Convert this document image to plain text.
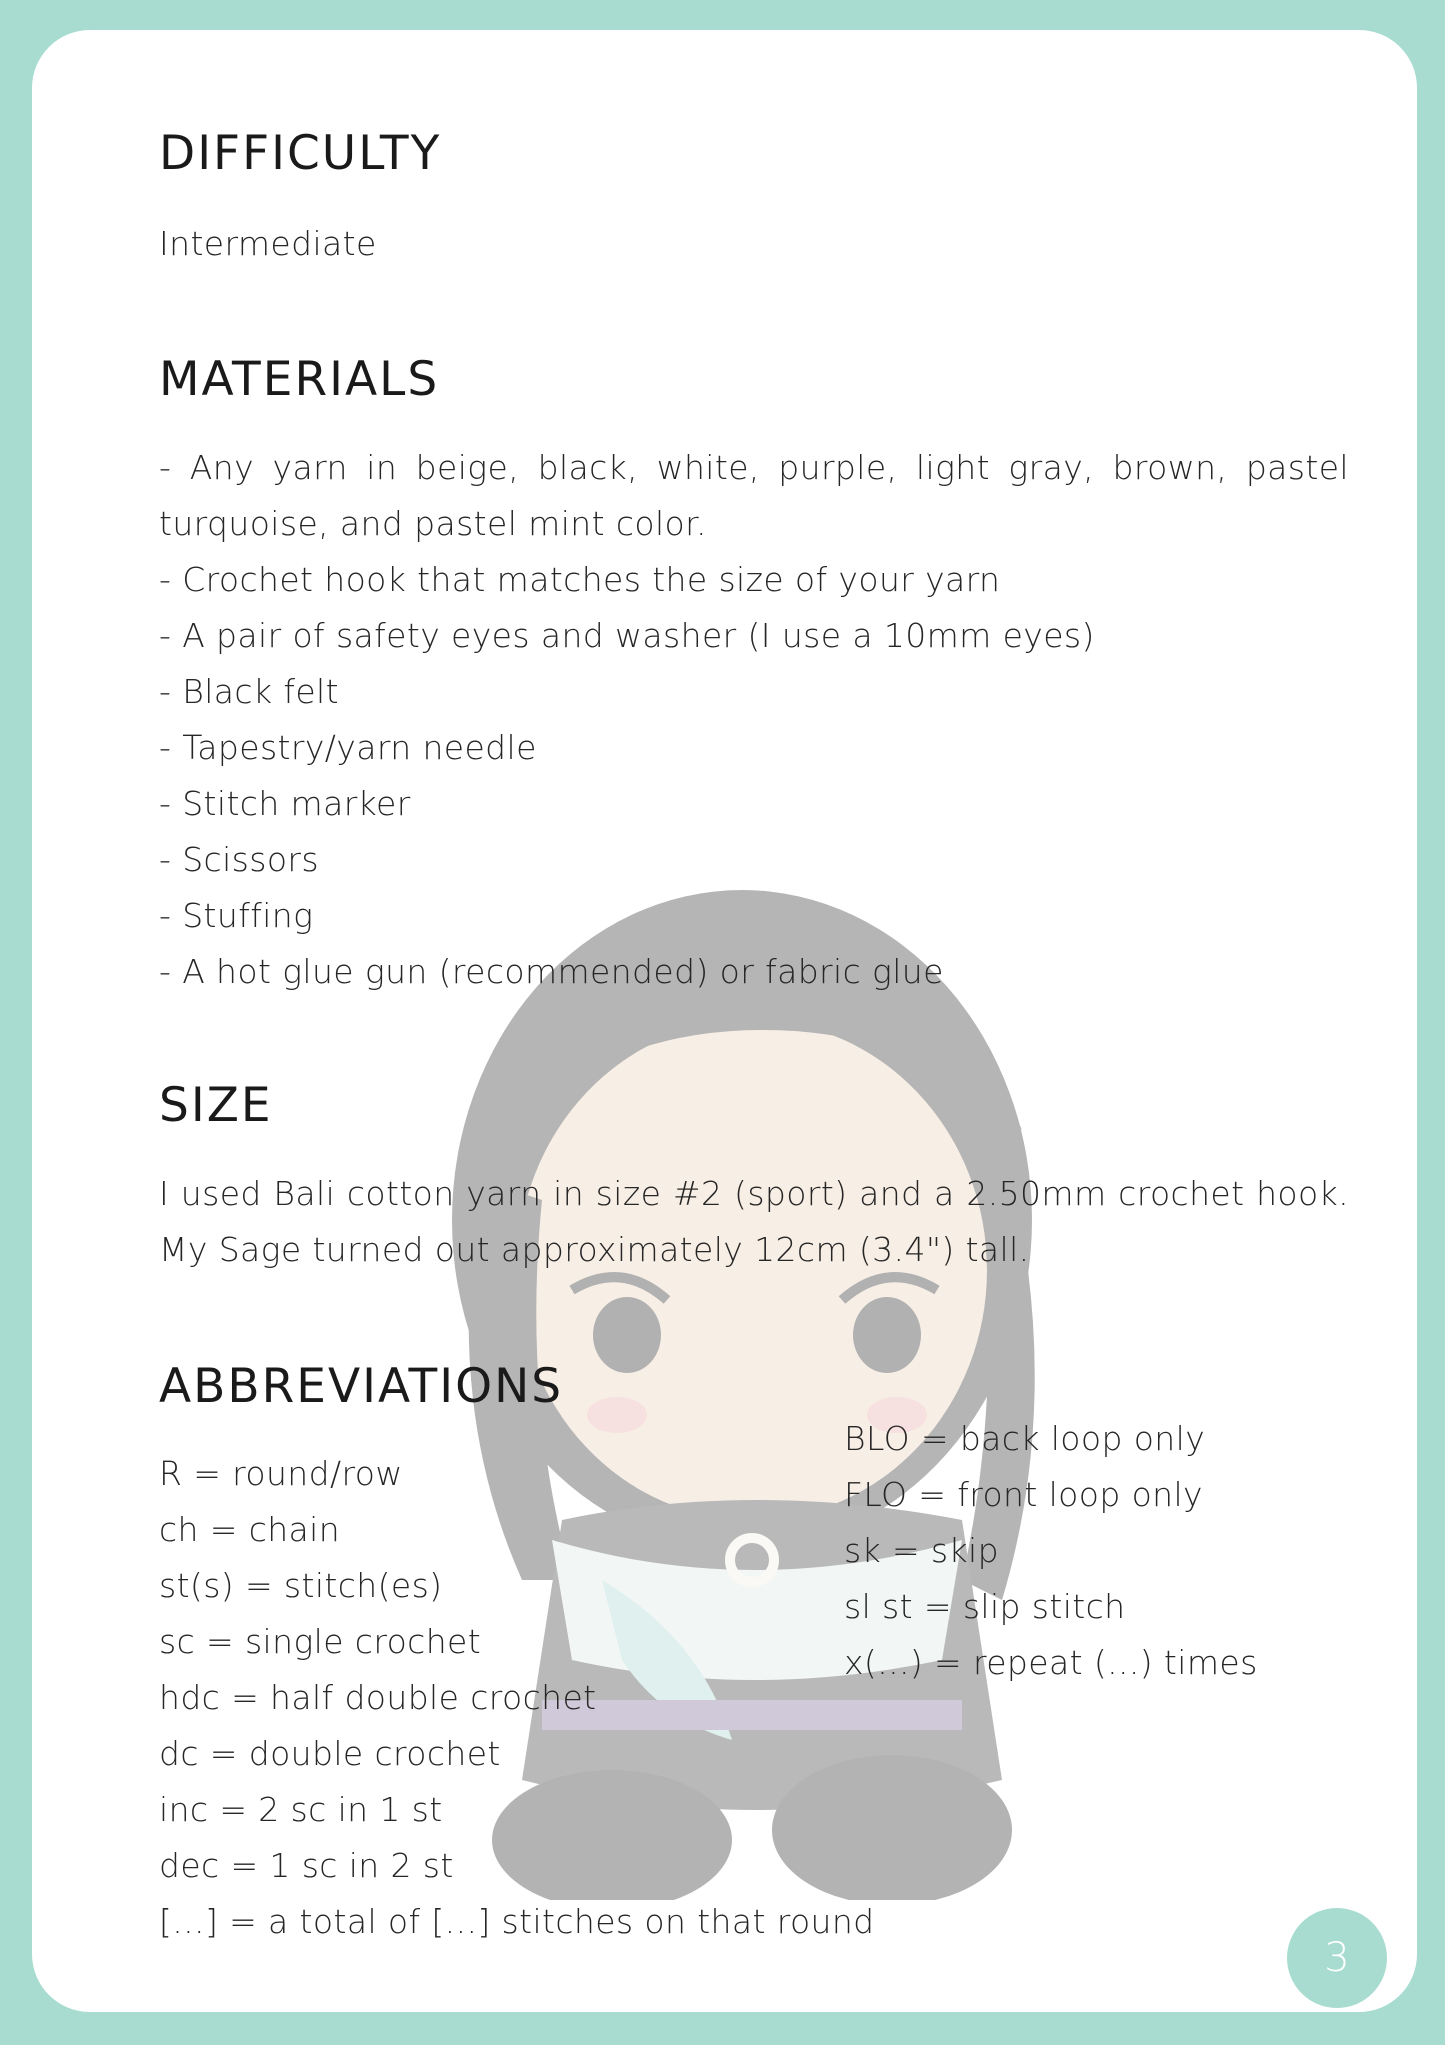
DIFFICULTY

Intermediate

MATERIALS

- Any yarn in beige, black, white, purple, light gray, brown, pastel turquoise, and pastel mint color.

- Crochet hook that matches the size of your yarn
- A pair of safety eyes and washer (I use a 10mm eyes)
- Black felt
- Tapestry/yarn needle
- Stitch marker
- Scissors
- Stuffing
- A hot glue gun (recommended) or fabric glue
SIZE

I used Bali cotton yarn in size #2 (sport) and a 2.50mm crochet hook. My Sage turned out approximately 12cm (3.4") tall.

ABBREVIATIONS
R = round/row
ch = chain
st(s) = stitch(es)
sc = single crochet
hdc = half double crochet
dc = double crochet
inc = 2 sc in 1 st
dec = 1 sc in 2 st
[...] = a total of [...] stitches on that round
BLO = back loop only
FLO = front loop only
sk = skip
sl st = slip stitch
x(...) = repeat (...) times
3
